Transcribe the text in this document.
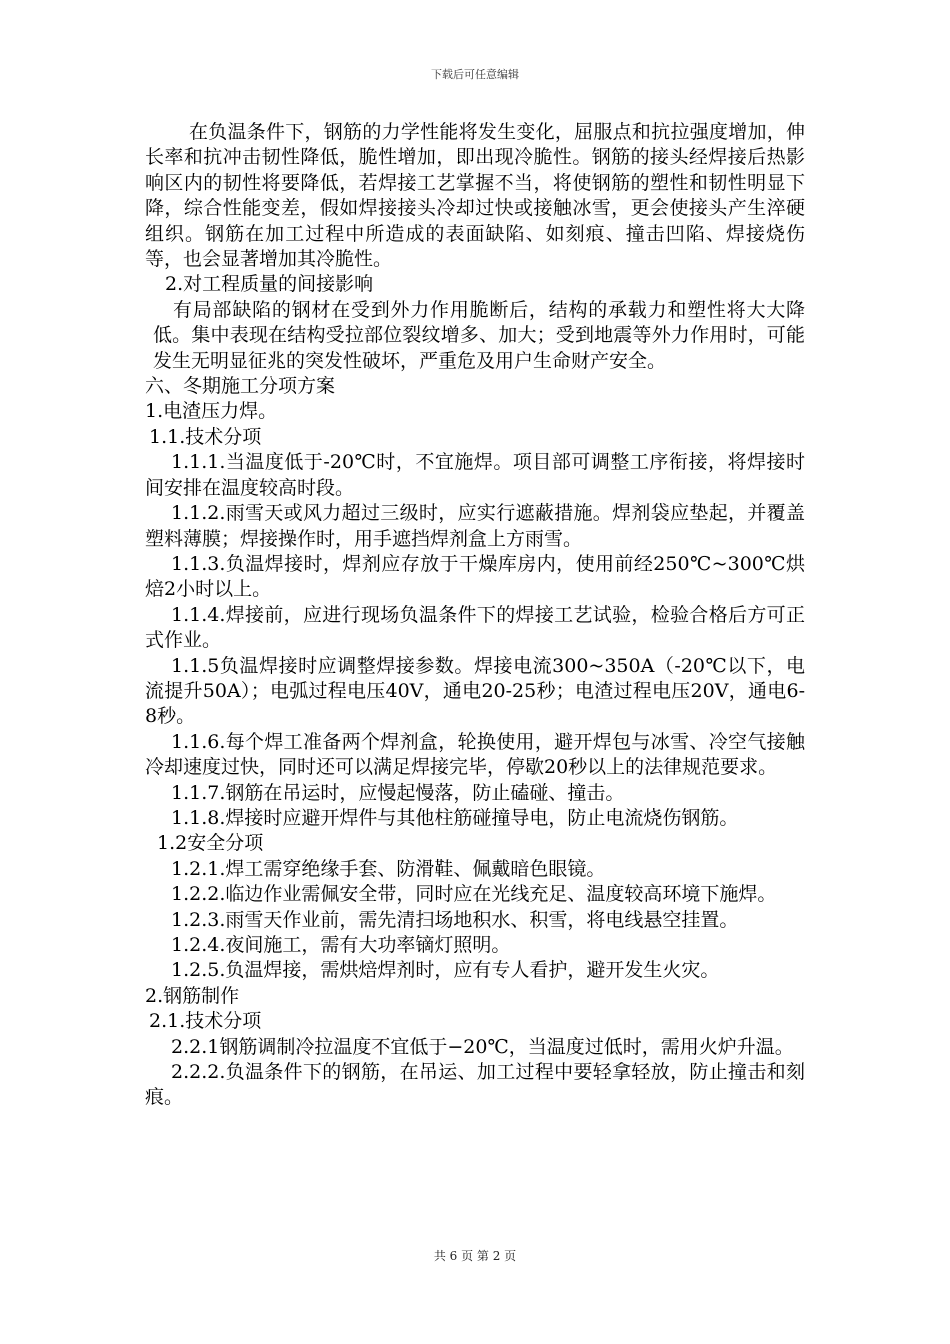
下载后可任意编辑

在负温条件下，钢筋的力学性能将发生变化，屈服点和抗拉强度增加，伸长率和抗冲击韧性降低，脆性增加，即出现冷脆性。钢筋的接头经焊接后热影响区内的韧性将要降低，若焊接工艺掌握不当，将使钢筋的塑性和韧性明显下降，综合性能变差，假如焊接接头冷却过快或接触冰雪，更会使接头产生淬硬组织。钢筋在加工过程中所造成的表面缺陷、如刻痕、撞击凹陷、焊接烧伤等，也会显著增加其冷脆性。

2.对工程质量的间接影响

有局部缺陷的钢材在受到外力作用脆断后，结构的承载力和塑性将大大降低。集中表现在结构受拉部位裂纹增多、加大；受到地震等外力作用时，可能发生无明显征兆的突发性破坏，严重危及用户生命财产安全。

六、冬期施工分项方案

1.电渣压力焊。

1.1.技术分项

1.1.1.当温度低于-20℃时，不宜施焊。项目部可调整工序衔接，将焊接时间安排在温度较高时段。

1.1.2.雨雪天或风力超过三级时，应实行遮蔽措施。焊剂袋应垫起，并覆盖塑料薄膜；焊接操作时，用手遮挡焊剂盒上方雨雪。

1.1.3.负温焊接时，焊剂应存放于干燥库房内，使用前经250℃~300℃烘焙2小时以上。

1.1.4.焊接前，应进行现场负温条件下的焊接工艺试验，检验合格后方可正式作业。

1.1.5负温焊接时应调整焊接参数。焊接电流300~350A（-20℃以下，电流提升50A）；电弧过程电压40V，通电20-25秒；电渣过程电压20V，通电6-8秒。

1.1.6.每个焊工准备两个焊剂盒，轮换使用，避开焊包与冰雪、冷空气接触冷却速度过快，同时还可以满足焊接完毕，停歇20秒以上的法律规范要求。

1.1.7.钢筋在吊运时，应慢起慢落，防止磕碰、撞击。

1.1.8.焊接时应避开焊件与其他柱筋碰撞导电，防止电流烧伤钢筋。

1.2安全分项

1.2.1.焊工需穿绝缘手套、防滑鞋、佩戴暗色眼镜。

1.2.2.临边作业需佩安全带，同时应在光线充足、温度较高环境下施焊。

1.2.3.雨雪天作业前，需先清扫场地积水、积雪，将电线悬空挂置。

1.2.4.夜间施工，需有大功率镝灯照明。

1.2.5.负温焊接，需烘焙焊剂时，应有专人看护，避开发生火灾。

2.钢筋制作

2.1.技术分项

2.2.1钢筋调制冷拉温度不宜低于−20℃，当温度过低时，需用火炉升温。

2.2.2.负温条件下的钢筋，在吊运、加工过程中要轻拿轻放，防止撞击和刻痕。

共 6 页 第 2 页
